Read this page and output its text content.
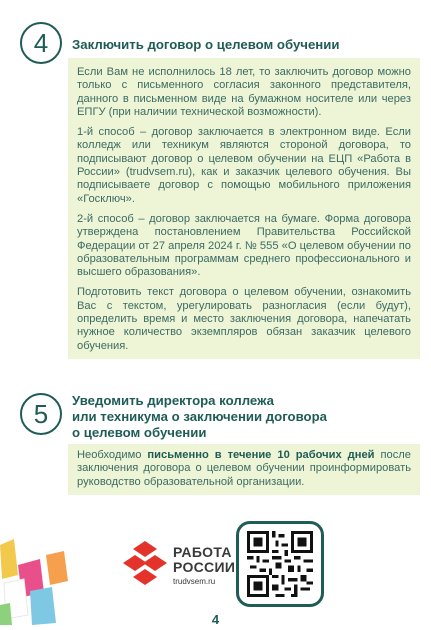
4	Заключить договор о целевом обучении

Если Вам не исполнилось 18 лет, то заключить договор можно только с письменного согласия законного представителя, данного в письменном виде на бумажном носителе или через ЕПГУ (при наличии технической возможности).

1-й способ – договор заключается в электронном виде. Если колледж или техникум являются стороной договора, то подписывают договор о целевом обучении на ЕЦП «Работа в России» (trudvsem.ru), как и заказчик целевого обучения. Вы подписываете договор с помощью мобильного приложения «Госключ».

2-й способ – договор заключается на бумаге. Форма договора утверждена постановлением Правительства Российской Федерации от 27 апреля 2024 г. № 555 «О целевом обучении по образовательным программам среднего профессионального и высшего образования».

Подготовить текст договора о целевом обучении, ознакомить Вас с текстом, урегулировать разногласия (если будут), определить время и место заключения договора, напечатать нужное количество экземпляров обязан заказчик целевого обучения.

5	Уведомить директора коллежа
или техникума о заключении договора
о целевом обучении

Необходимо письменно в течение 10 рабочих дней после заключения договора о целевом обучении проинформировать руководство образовательной организации.

РАБОТА
РОССИИ
trudvsem.ru
4
